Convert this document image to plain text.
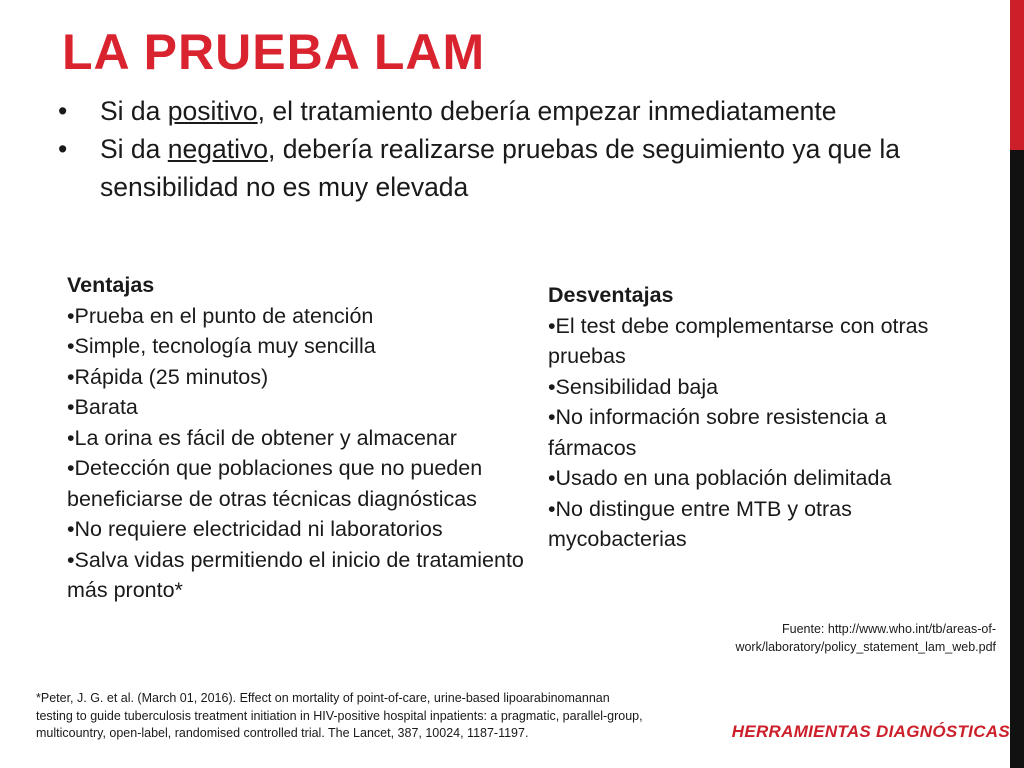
LA PRUEBA LAM
• Si da positivo, el tratamiento debería empezar inmediatamente
• Si da negativo, debería realizarse pruebas de seguimiento ya que la sensibilidad no es muy elevada
Ventajas
•Prueba en el punto de atención
•Simple, tecnología muy sencilla
•Rápida (25 minutos)
•Barata
•La orina es fácil de obtener y almacenar
•Detección que poblaciones que no pueden beneficiarse de otras técnicas diagnósticas
•No requiere electricidad ni laboratorios
•Salva vidas permitiendo el inicio de tratamiento más pronto*
Desventajas
•El test debe complementarse con otras pruebas
•Sensibilidad baja
•No información sobre resistencia a fármacos
•Usado en una población delimitada
•No distingue entre MTB y otras mycobacterias
Fuente: http://www.who.int/tb/areas-of-work/laboratory/policy_statement_lam_web.pdf
*Peter, J. G. et al. (March 01, 2016). Effect on mortality of point-of-care, urine-based lipoarabinomannan testing to guide tuberculosis treatment initiation in HIV-positive hospital inpatients: a pragmatic, parallel-group, multicountry, open-label, randomised controlled trial. The Lancet, 387, 10024, 1187-1197.	HERRAMIENTAS DIAGNÓSTICAS
